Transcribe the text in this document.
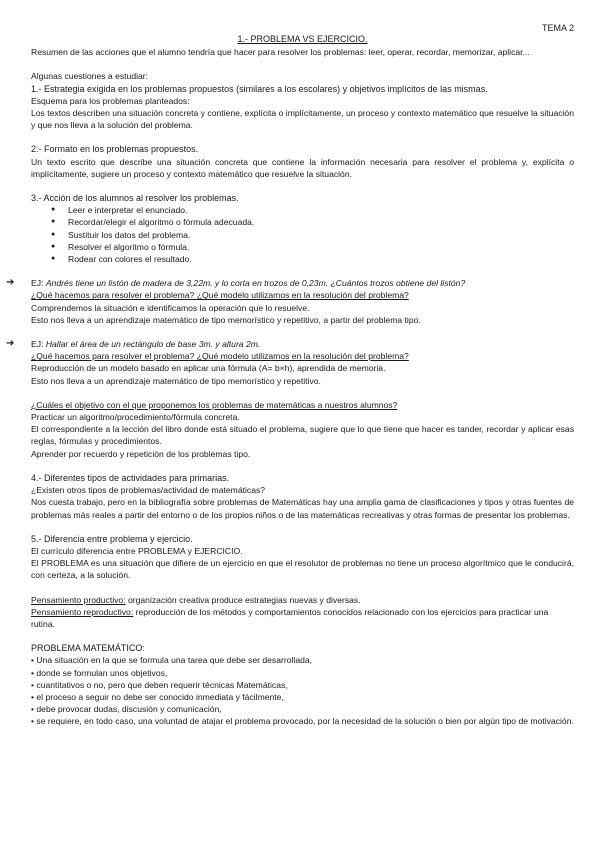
TEMA 2
1.- PROBLEMA VS EJERCICIO.

Resumen de las acciones que el alumno tendría que hacer para resolver los problemas: leer, operar, recordar, memorizar, aplicar...

Algunas cuestiones a estudiar:

1.- Estrategia exigida en los problemas propuestos (similares a los escolares) y objetivos implícitos de las mismas.

Esquema para los problemas planteados:

Los textos describen una situación concreta y contiene, explícita o implícitamente, un proceso y contexto matemático que resuelve la situación y que nos lleva a la solución del problema.

2.- Formato en los problemas propuestos.

Un texto escrito que describe una situación concreta que contiene la información necesaria para resolver el problema y, explícita o implícitamente, sugiere un proceso y contexto matemático que resuelve la situación.

3.- Acción de los alumnos al resolver los problemas.

● Leer e interpretar el enunciado.
● Recordar/elegir el algoritmo o fórmula adecuada.
● Sustituir los datos del problema.
● Resolver el algoritmo o fórmula.
● Rodear con colores el resultado.
➔ EJ: Andrés tiene un listón de madera de 3,22m. y lo corta en trozos de 0,23m. ¿Cuántos trozos obtiene del listón?

¿Qué hacemos para resolver el problema? ¿Qué modelo utilizamos en la resolución del problema?

Comprendemos la situación e identificamos la operación que lo resuelve.

Esto nos lleva a un aprendizaje matemático de tipo memorístico y repetitivo, a partir del problema tipo.

➔ EJ: Hallar el área de un rectángulo de base 3m. y altura 2m.

¿Qué hacemos para resolver el problema? ¿Qué modelo utilizamos en la resolución del problema?

Reproducción de un modelo basado en aplicar una fórmula (A= b×h), aprendida de memoria.

Esto nos lleva a un aprendizaje matemático de tipo memorístico y repetitivo.

¿Cuáles el objetivo con el que proponemos los problemas de matemáticas a nuestros alumnos?

Practicar un algoritmo/procedimiento/fórmula concreta.

El correspondiente a la lección del libro donde está situado el problema, sugiere que lo que tiene que hacer es tander, recordar y aplicar esas reglas, fórmulas y procedimientos.

Aprender por recuerdo y repetición de los problemas tipo.

4.- Diferentes tipos de actividades para primarias.

¿Existen otros tipos de problemas/actividad de matemáticas?

Nos cuesta trabajo, pero en la bibliografía sobre problemas de Matemáticas hay una amplia gama de clasificaciones y tipos y otras fuentes de problemas más reales a partir del entorno o de los propios niños o de las matemáticas recreativas y otras formas de presentar los problemas.

5.- Diferencia entre problema y ejercicio.

El currículo diferencia entre PROBLEMA y EJERCICIO.

El PROBLEMA es una situación que difiere de un ejercicio en que el resolutor de problemas no tiene un proceso algorítmico que le conducirá, con certeza, a la solución.

Pensamiento productivo: organización creativa produce estrategias nuevas y diversas.

Pensamiento reproductivo: reproducción de los métodos y comportamientos conocidos relacionado con los ejercicios para practicar una rutina.

PROBLEMA MATEMÁTICO:

• Una situación en la que se formula una tarea que debe ser desarrollada,

• donde se formulan unos objetivos,

• cuantitativos o no, pero que deben requerir técnicas Matemáticas,

• el proceso a seguir no debe ser conocido inmediata y fácilmente,

• debe provocar dudas, discusión y comunicación,

• se requiere, en todo caso, una voluntad de atajar el problema provocado, por la necesidad de la solución o bien por algún tipo de motivación.
